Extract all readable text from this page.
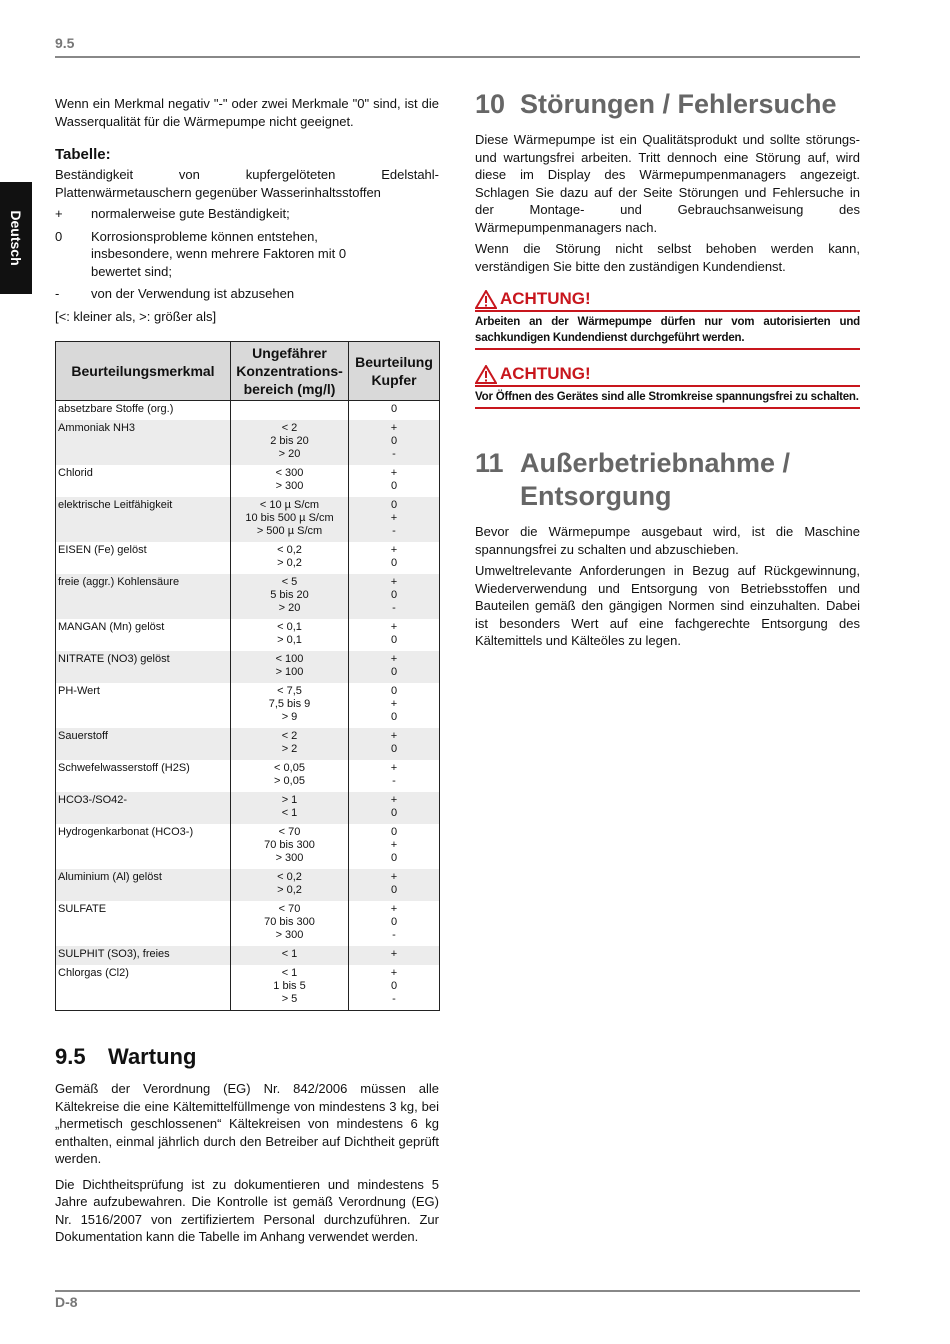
9.5
Deutsch

Wenn ein Merkmal negativ "-" oder zwei Merkmale "0" sind, ist die Wasserqualität für die Wärmepumpe nicht geeignet.

Tabelle:

Beständigkeit von kupfergelöteten Edelstahl-Plattenwärmetauschern gegenüber Wasserinhaltsstoffen

+	normalerweise gute Beständigkeit;
0	Korrosionsprobleme können entstehen, insbesondere, wenn mehrere Faktoren mit 0 bewertet sind;
-	von der Verwendung ist abzusehen
[<: kleiner als, >: größer als]
Beurteilungsmerkmal	Ungefährer Konzentrations-bereich (mg/l)	Beurteilung Kupfer
absetzbare Stoffe (org.)		0
Ammoniak NH3	< 2
2 bis 20
> 20	+
0
-
Chlorid	< 300
> 300	+
0
elektrische Leitfähigkeit	< 10 µ S/cm
10 bis 500 µ S/cm
> 500 µ S/cm	0
+
-
EISEN (Fe) gelöst	< 0,2
> 0,2	+
0
freie (aggr.) Kohlensäure	< 5
5 bis 20
> 20	+
0
-
MANGAN (Mn) gelöst	< 0,1
> 0,1	+
0
NITRATE (NO3) gelöst	< 100
> 100	+
0
PH-Wert	< 7,5
7,5 bis 9
> 9	0
+
0
Sauerstoff	< 2
> 2	+
0
Schwefelwasserstoff (H2S)	< 0,05
> 0,05	+
-
HCO3-/SO42-	> 1
< 1	+
0
Hydrogenkarbonat (HCO3-)	< 70
70 bis 300
> 300	0
+
0
Aluminium (Al) gelöst	< 0,2
> 0,2	+
0
SULFATE	< 70
70 bis 300
> 300	+
0
-
SULPHIT (SO3), freies	< 1	+
Chlorgas (Cl2)	< 1
1 bis 5
> 5	+
0
-
9.5 Wartung

Gemäß der Verordnung (EG) Nr. 842/2006 müssen alle Kältekreise die eine Kältemittelfüllmenge von mindestens 3 kg, bei „hermetisch geschlossenen“ Kältekreisen von mindestens 6 kg enthalten, einmal jährlich durch den Betreiber auf Dichtheit geprüft werden.

Die Dichtheitsprüfung ist zu dokumentieren und mindestens 5 Jahre aufzubewahren. Die Kontrolle ist gemäß Verordnung (EG) Nr. 1516/2007 von zertifiziertem Personal durchzuführen. Zur Dokumentation kann die Tabelle im Anhang verwendet werden.

10 Störungen / Fehlersuche

Diese Wärmepumpe ist ein Qualitätsprodukt und sollte störungs- und wartungsfrei arbeiten. Tritt dennoch eine Störung auf, wird diese im Display des Wärmepumpenmanagers angezeigt. Schlagen Sie dazu auf der Seite Störungen und Fehlersuche in der Montage- und Gebrauchsanweisung des Wärmepumpenmanagers nach.

Wenn die Störung nicht selbst behoben werden kann, verständigen Sie bitte den zuständigen Kundendienst.

ACHTUNG!
Arbeiten an der Wärmepumpe dürfen nur vom autorisierten und sachkundigen Kundendienst durchgeführt werden.
ACHTUNG!
Vor Öffnen des Gerätes sind alle Stromkreise spannungsfrei zu schalten.
11 Außerbetriebnahme /
Entsorgung

Bevor die Wärmepumpe ausgebaut wird, ist die Maschine spannungsfrei zu schalten und abzuschieben.

Umweltrelevante Anforderungen in Bezug auf Rückgewinnung, Wiederverwendung und Entsorgung von Betriebsstoffen und Bauteilen gemäß den gängigen Normen sind einzuhalten. Dabei ist besonders Wert auf eine fachgerechte Entsorgung des Kältemittels und Kälteöles zu legen.

D-8
